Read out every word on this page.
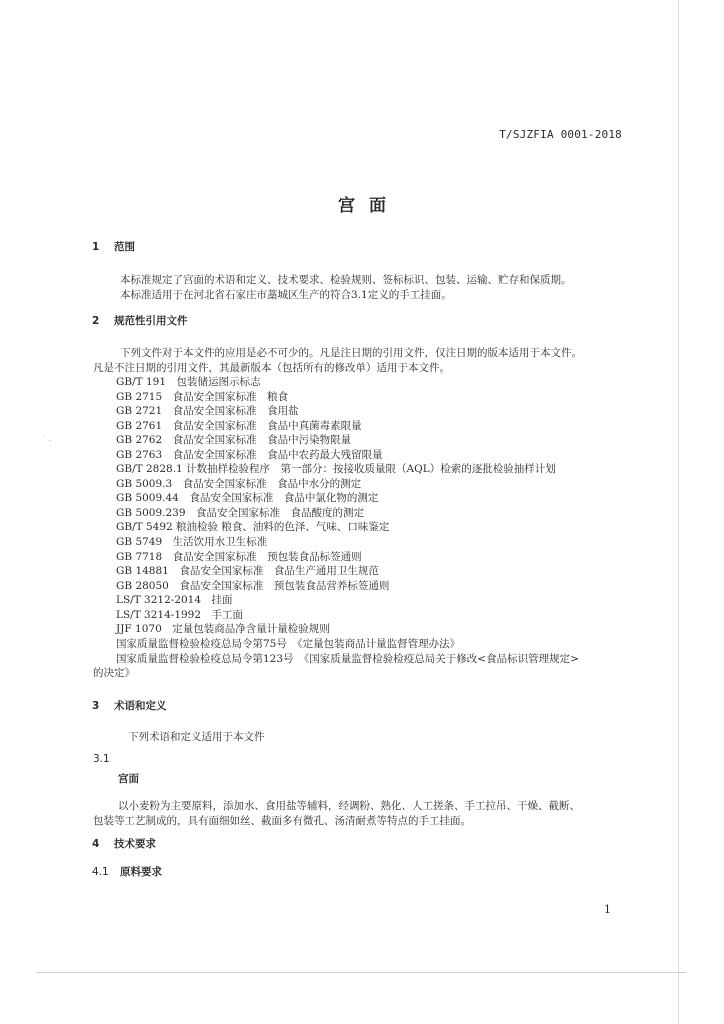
˙ .
T/SJZFIA 0001-2018
宫面
1 范围
本标准规定了宫面的术语和定义、技术要求、检验规则、签标标识、包装、运输、贮存和保质期。
本标准适用于在河北省石家庄市藁城区生产的符合3.1定义的手工挂面。
2 规范性引用文件
下列文件对于本文件的应用是必不可少的。凡是注日期的引用文件，仅注日期的版本适用于本文件。
凡是不注日期的引用文件，其最新版本（包括所有的修改单）适用于本文件。
GB/T 191　包装储运图示标志
GB 2715　食品安全国家标准　粮食
GB 2721　食品安全国家标准　食用盐
GB 2761　食品安全国家标准　食品中真菌毒素限量
GB 2762　食品安全国家标准　食品中污染物限量
GB 2763　食品安全国家标准　食品中农药最大残留限量
GB/T 2828.1 计数抽样检验程序　第一部分：按接收质量限（AQL）检索的逐批检验抽样计划
GB 5009.3　食品安全国家标准　食品中水分的测定
GB 5009.44　食品安全国家标准　食品中氯化物的测定
GB 5009.239　食品安全国家标准　食品酸度的测定
GB/T 5492 粮油检验 粮食、油料的色泽、气味、口味鉴定
GB 5749　生活饮用水卫生标准
GB 7718　食品安全国家标准　预包装食品标签通则
GB 14881　食品安全国家标准　食品生产通用卫生规范
GB 28050　食品安全国家标准　预包装食品营养标签通则
LS/T 3212-2014　挂面
LS/T 3214-1992　手工面
JJF 1070　定量包装商品净含量计量检验规则
国家质量监督检验检疫总局令第75号　《定量包装商品计量监督管理办法》
国家质量监督检验检疫总局令第123号　《国家质量监督检验检疫总局关于修改<食品标识管理规定>
的决定》
3 术语和定义
下列术语和定义适用于本文件
3.1
宫面
以小麦粉为主要原料，添加水、食用盐等辅料，经调粉、熟化、人工搓条、手工拉吊、干燥、截断、
包装等工艺制成的，具有面细如丝、截面多有微孔、汤清耐煮等特点的手工挂面。
4 技术要求
4.1 原料要求
1
